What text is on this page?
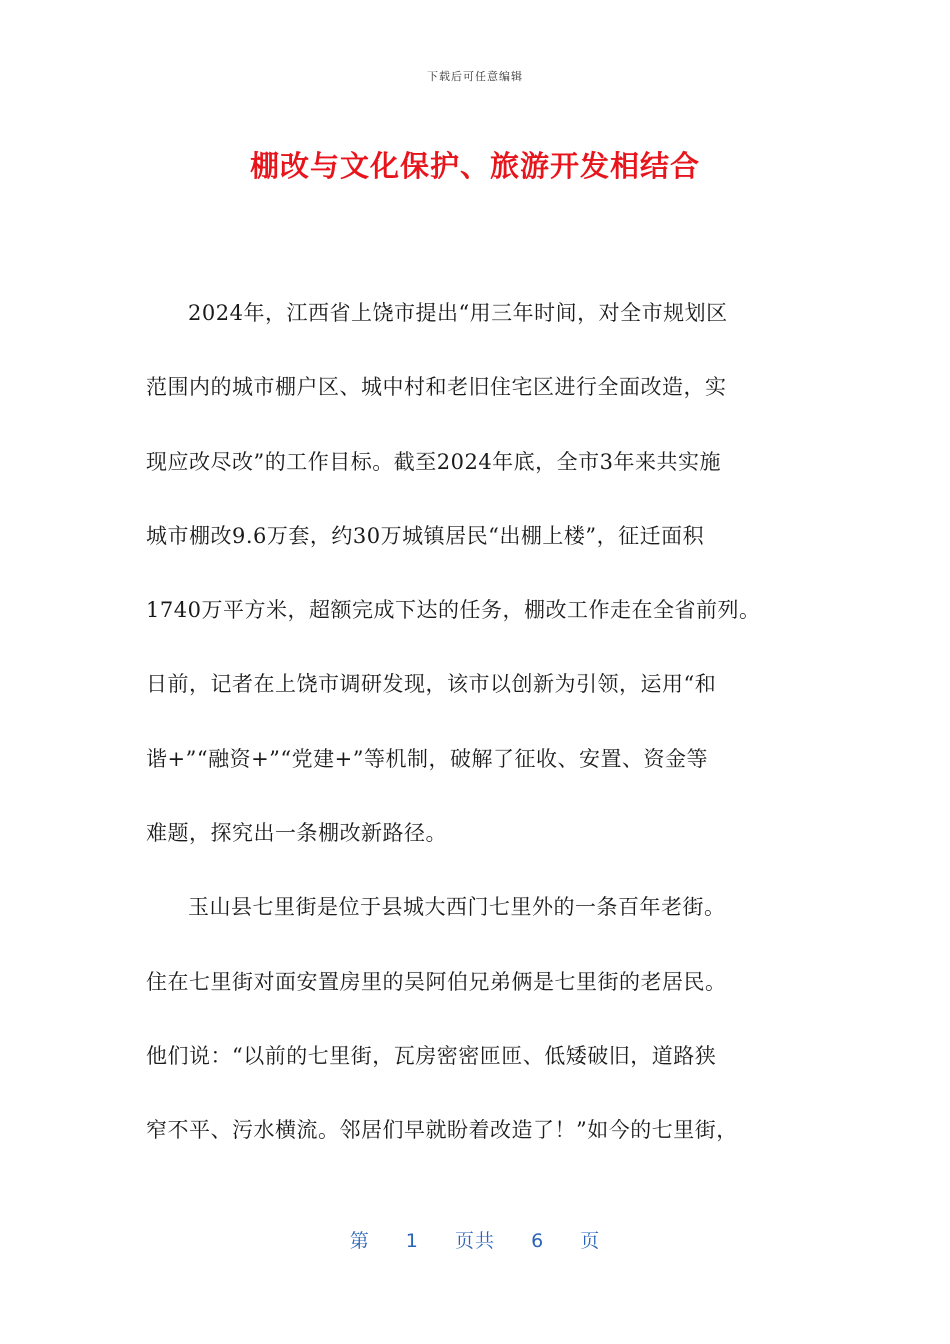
下载后可任意编辑
棚改与文化保护、旅游开发相结合

2024年，江西省上饶市提出“用三年时间，对全市规划区
范围内的城市棚户区、城中村和老旧住宅区进行全面改造，实
现应改尽改”的工作目标。截至2024年底，全市3年来共实施
城市棚改9.6万套，约30万城镇居民“出棚上楼”，征迁面积
1740万平方米，超额完成下达的任务，棚改工作走在全省前列。
日前，记者在上饶市调研发现，该市以创新为引领，运用“和
谐+”“融资+”“党建+”等机制，破解了征收、安置、资金等
难题，探究出一条棚改新路径。

玉山县七里街是位于县城大西门七里外的一条百年老街。
住在七里街对面安置房里的吴阿伯兄弟俩是七里街的老居民。
他们说：“以前的七里街，瓦房密密匝匝、低矮破旧，道路狭
窄不平、污水横流。邻居们早就盼着改造了！”如今的七里街，

第 1 页共 6 页
